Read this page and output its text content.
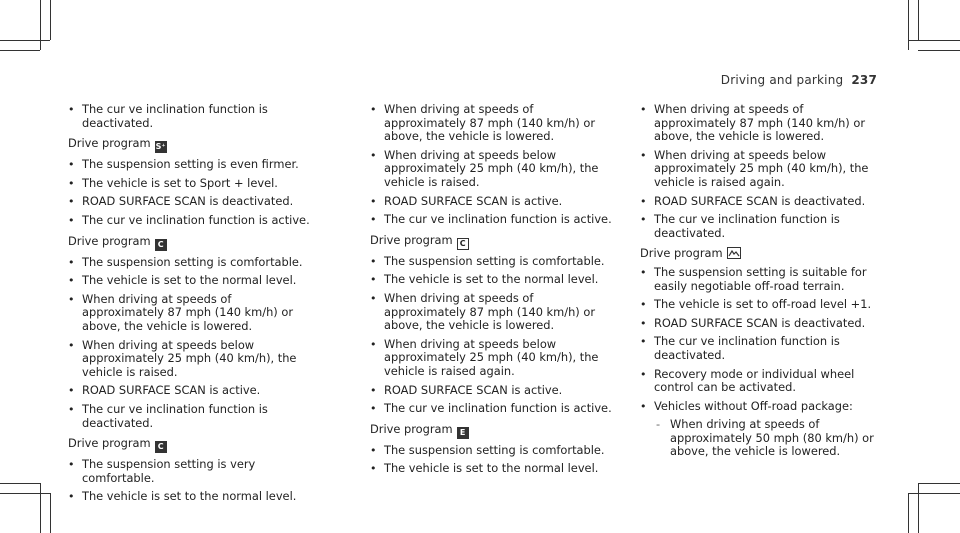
Driving and parking 237
• The cur ve inclination function is deactivated.
Drive program S⁺
• The suspension setting is even firmer.
• The vehicle is set to Sport + level.
• ROAD SURFACE SCAN is deactivated.
• The cur ve inclination function is active.
Drive program C
• The suspension setting is comfortable.
• The vehicle is set to the normal level.
• When driving at speeds of approximately 87 mph (140 km/h) or above, the vehicle is lowered.
• When driving at speeds below approximately 25 mph (40 km/h), the vehicle is raised.
• ROAD SURFACE SCAN is active.
• The cur ve inclination function is deactivated.
Drive program C
• The suspension setting is very comfortable.
• The vehicle is set to the normal level.
• When driving at speeds of approximately 87 mph (140 km/h) or above, the vehicle is lowered.
• When driving at speeds below approximately 25 mph (40 km/h), the vehicle is raised.
• ROAD SURFACE SCAN is active.
• The cur ve inclination function is active.
Drive program C
• The suspension setting is comfortable.
• The vehicle is set to the normal level.
• When driving at speeds of approximately 87 mph (140 km/h) or above, the vehicle is lowered.
• When driving at speeds below approximately 25 mph (40 km/h), the vehicle is raised again.
• ROAD SURFACE SCAN is active.
• The cur ve inclination function is active.
Drive program E
• The suspension setting is comfortable.
• The vehicle is set to the normal level.
• When driving at speeds of approximately 87 mph (140 km/h) or above, the vehicle is lowered.
• When driving at speeds below approximately 25 mph (40 km/h), the vehicle is raised again.
• ROAD SURFACE SCAN is deactivated.
• The cur ve inclination function is deactivated.
Drive program
• The suspension setting is suitable for easily negotiable off-road terrain.
• The vehicle is set to off-road level +1.
• ROAD SURFACE SCAN is deactivated.
• The cur ve inclination function is deactivated.
• Recovery mode or individual wheel control can be activated.
• Vehicles without Off-road package:
- When driving at speeds of approximately 50 mph (80 km/h) or above, the vehicle is lowered.
